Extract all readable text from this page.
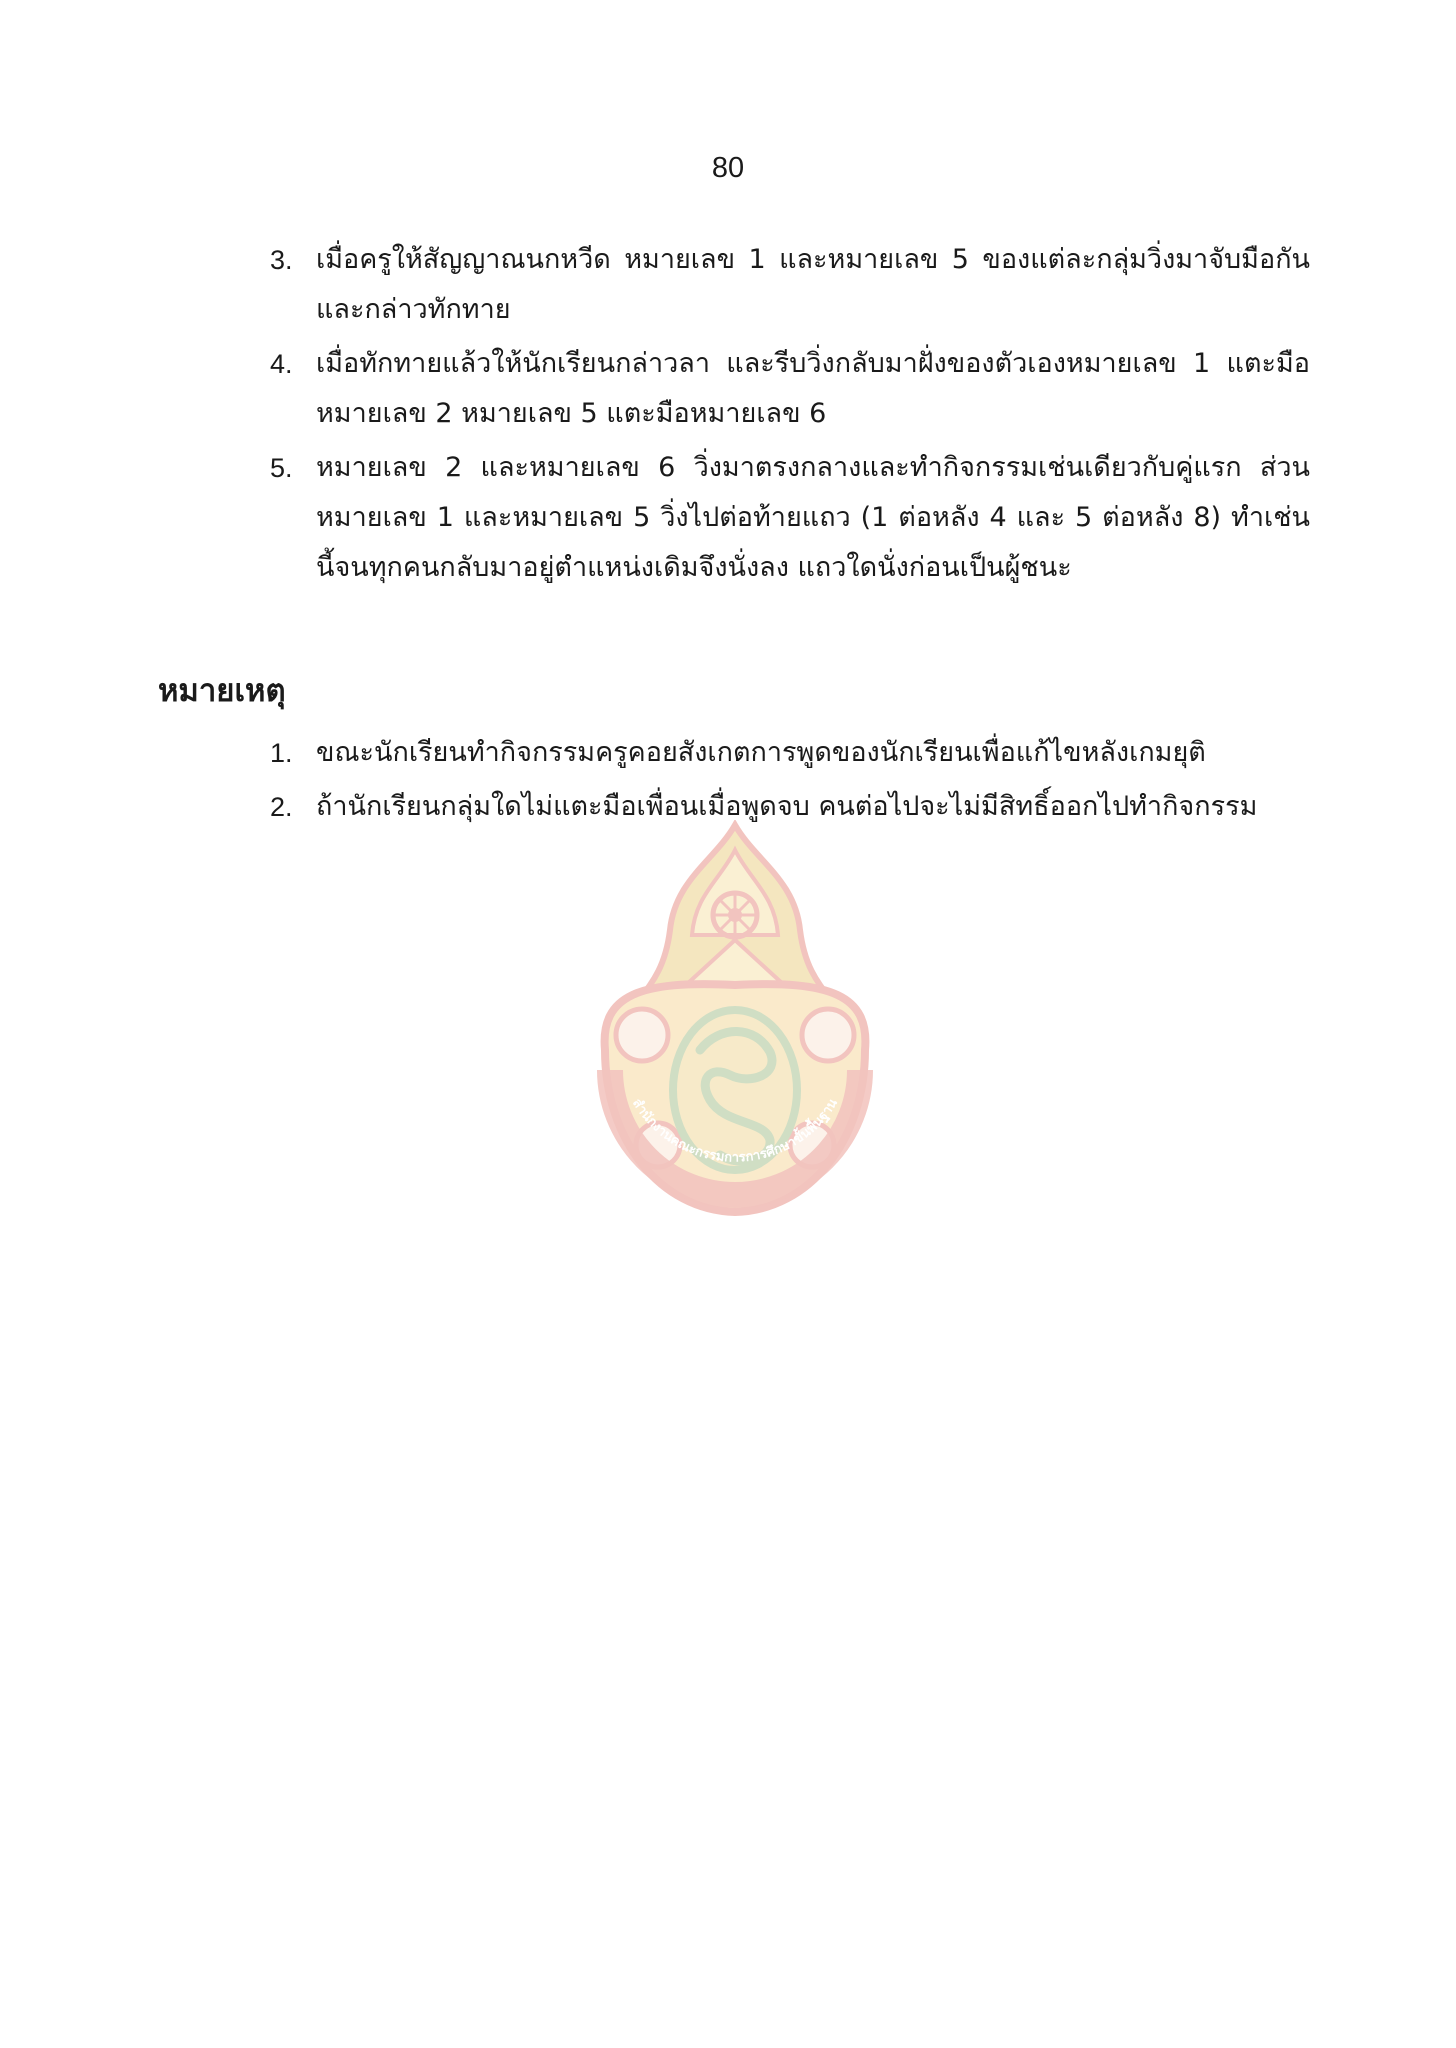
80
3. เมื่อครูให้สัญญาณนกหวีด หมายเลข 1 และหมายเลข 5 ของแต่ละกลุ่มวิ่งมาจับมือกัน และกล่าวทักทาย
4. เมื่อทักทายแล้วให้นักเรียนกล่าวลา และรีบวิ่งกลับมาฝั่งของตัวเองหมายเลข 1 แตะมือหมายเลข 2 หมายเลข 5 แตะมือหมายเลข 6
5. หมายเลข 2 และหมายเลข 6 วิ่งมาตรงกลางและทำกิจกรรมเช่นเดียวกับคู่แรก ส่วนหมายเลข 1 และหมายเลข 5 วิ่งไปต่อท้ายแถว (1 ต่อหลัง 4 และ 5 ต่อหลัง 8) ทำเช่นนี้จนทุกคนกลับมาอยู่ตำแหน่งเดิมจึงนั่งลง แถวใดนั่งก่อนเป็นผู้ชนะ
หมายเหตุ
1. ขณะนักเรียนทำกิจกรรมครูคอยสังเกตการพูดของนักเรียนเพื่อแก้ไขหลังเกมยุติ
2. ถ้านักเรียนกลุ่มใดไม่แตะมือเพื่อนเมื่อพูดจบ คนต่อไปจะไม่มีสิทธิ์ออกไปทำกิจกรรม
สำนักงานคณะกรรมการการศึกษาขั้นพื้นฐาน
